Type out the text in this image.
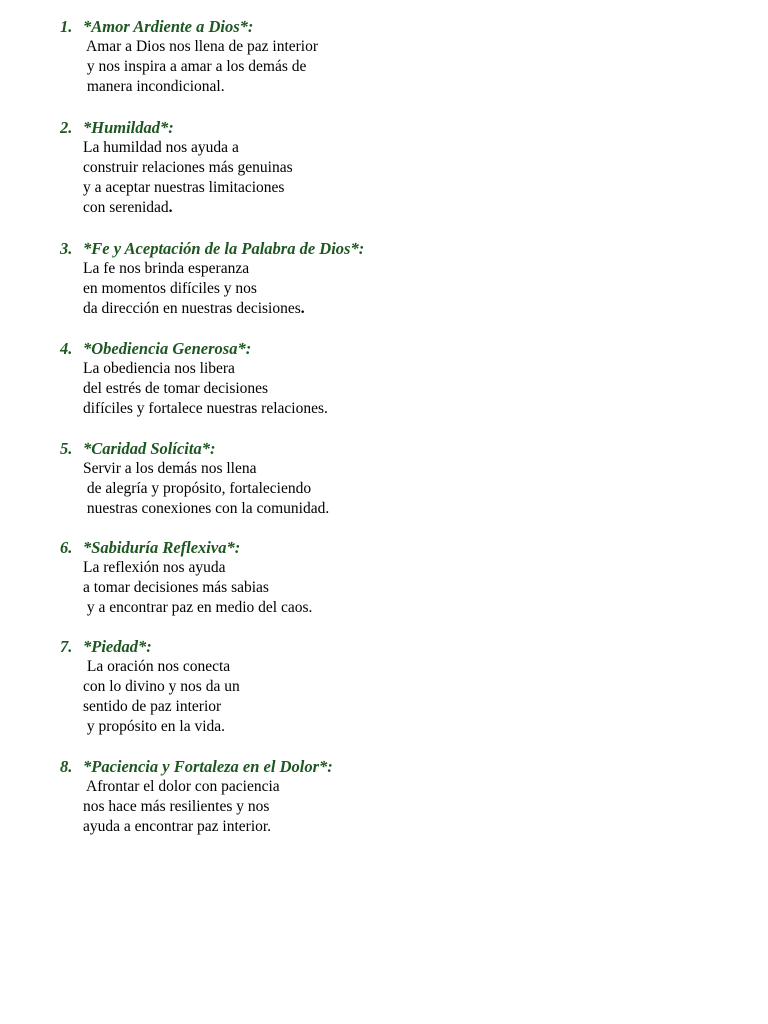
1. *Amor Ardiente a Dios*:
Amar a Dios nos llena de paz interior
y nos inspira a amar a los demás de
manera incondicional.
2. *Humildad*:
La humildad nos ayuda a
construir relaciones más genuinas
y a aceptar nuestras limitaciones
con serenidad.
3. *Fe y Aceptación de la Palabra de Dios*:
La fe nos brinda esperanza
en momentos difíciles y nos
da dirección en nuestras decisiones.
4. *Obediencia Generosa*:
La obediencia nos libera
del estrés de tomar decisiones
difíciles y fortalece nuestras relaciones.
5. *Caridad Solícita*:
Servir a los demás nos llena
de alegría y propósito, fortaleciendo
nuestras conexiones con la comunidad.
6. *Sabiduría Reflexiva*:
La reflexión nos ayuda
a tomar decisiones más sabias
y a encontrar paz en medio del caos.
7. *Piedad*:
La oración nos conecta
con lo divino y nos da un
sentido de paz interior
y propósito en la vida.
8. *Paciencia y Fortaleza en el Dolor*:
Afrontar el dolor con paciencia
nos hace más resilientes y nos
ayuda a encontrar paz interior.
